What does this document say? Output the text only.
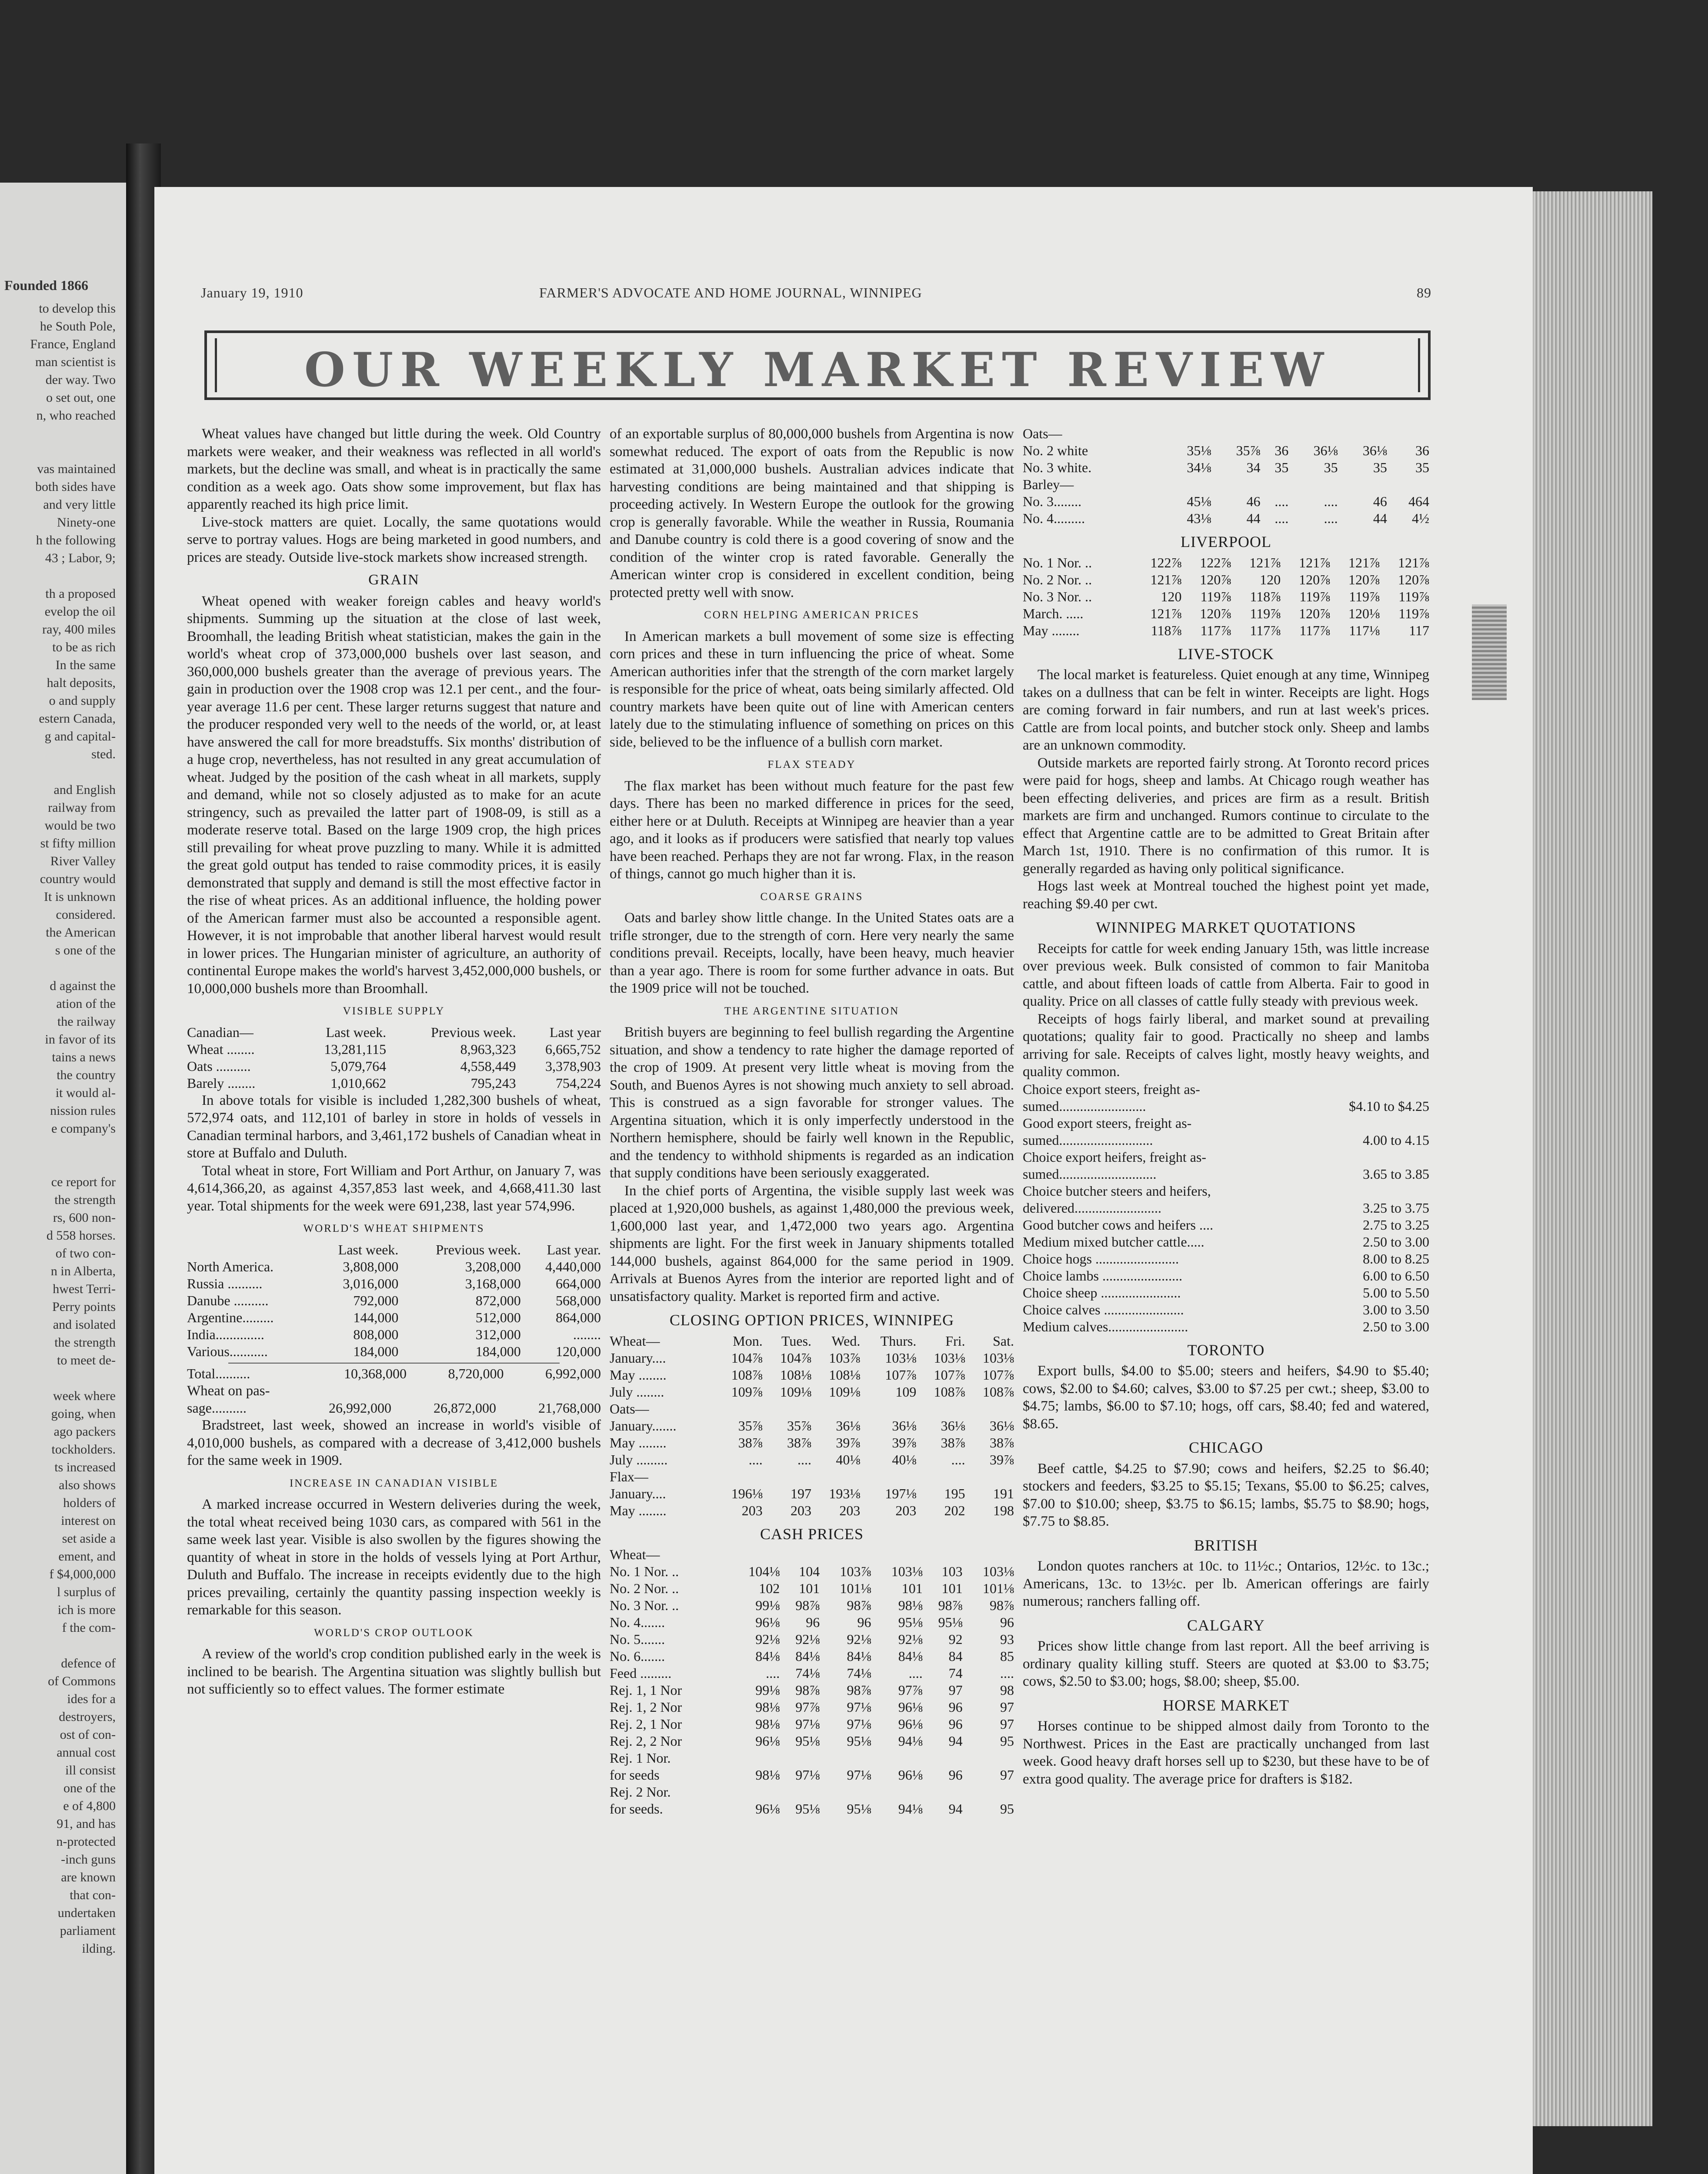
Founded 1866
to develop this
he South Pole,
France, England
man scientist is
der way. Two
o set out, one
n, who reached

vas maintained
both sides have
and very little
Ninety-one
h the following
43 ; Labor, 9;

th a proposed
evelop the oil
ray, 400 miles
to be as rich
In the same
halt deposits,
o and supply
estern Canada,
g and capital-
sted.

and English
railway from
would be two
st fifty million
River Valley
country would
It is unknown
considered.
the American
s one of the

d against the
ation of the
the railway
in favor of its
tains a news
the country
it would al-
nission rules
e company's

ce report for
the strength
rs, 600 non-
d 558 horses.
of two con-
n in Alberta,
hwest Terri-
Perry points
and isolated
the strength
to meet de-

week where
going, when
ago packers
tockholders.
ts increased
also shows
holders of
interest on
set aside a
ement, and
f $4,000,000
l surplus of
ich is more
f the com-

defence of
of Commons
ides for a
destroyers,
ost of con-
annual cost
ill consist
one of the
e of 4,800
91, and has
n-protected
-inch guns
are known
that con-
undertaken
parliament
ilding.
January 19, 1910	FARMER'S ADVOCATE AND HOME JOURNAL, WINNIPEG	89
OUR WEEKLY MARKET REVIEW

Wheat values have changed but little during the week. Old Country markets were weaker, and their weakness was reflected in all world's markets, but the decline was small, and wheat is in practically the same condition as a week ago. Oats show some improvement, but flax has apparently reached its high price limit.

Live-stock matters are quiet. Locally, the same quotations would serve to portray values. Hogs are being marketed in good numbers, and prices are steady. Outside live-stock markets show increased strength.

GRAIN

Wheat opened with weaker foreign cables and heavy world's shipments. Summing up the situation at the close of last week, Broomhall, the leading British wheat statistician, makes the gain in the world's wheat crop of 373,000,000 bushels over last season, and 360,000,000 bushels greater than the average of previous years. The gain in production over the 1908 crop was 12.1 per cent., and the four-year average 11.6 per cent. These larger returns suggest that nature and the producer responded very well to the needs of the world, or, at least have answered the call for more breadstuffs. Six months' distribution of a huge crop, nevertheless, has not resulted in any great accumulation of wheat. Judged by the position of the cash wheat in all markets, supply and demand, while not so closely adjusted as to make for an acute stringency, such as prevailed the latter part of 1908-09, is still as a moderate reserve total. Based on the large 1909 crop, the high prices still prevailing for wheat prove puzzling to many. While it is admitted the great gold output has tended to raise commodity prices, it is easily demonstrated that supply and demand is still the most effective factor in the rise of wheat prices. As an additional influence, the holding power of the American farmer must also be accounted a responsible agent. However, it is not improbable that another liberal harvest would result in lower prices. The Hungarian minister of agriculture, an authority of continental Europe makes the world's harvest 3,452,000,000 bushels, or 10,000,000 bushels more than Broomhall.

VISIBLE SUPPLY
Canadian—	Last week.	Previous week.	Last year
Wheat ........	13,281,115	8,963,323	6,665,752
Oats ..........	5,079,764	4,558,449	3,378,903
Barely ........	1,010,662	795,243	754,224

In above totals for visible is included 1,282,300 bushels of wheat, 572,974 oats, and 112,101 of barley in store in holds of vessels in Canadian terminal harbors, and 3,461,172 bushels of Canadian wheat in store at Buffalo and Duluth.

Total wheat in store, Fort William and Port Arthur, on January 7, was 4,614,366,20, as against 4,357,853 last week, and 4,668,411.30 last year. Total shipments for the week were 691,238, last year 574,996.

WORLD'S WHEAT SHIPMENTS
	Last week.	Previous week.	Last year.
North America.	3,808,000	3,208,000	4,440,000
Russia ..........	3,016,000	3,168,000	664,000
Danube ..........	792,000	872,000	568,000
Argentine.........	144,000	512,000	864,000
India..............	808,000	312,000	........
Various...........	184,000	184,000	120,000
Total..........	10,368,000	8,720,000	6,992,000
Wheat on pas-
sage..........	26,992,000	26,872,000	21,768,000

Bradstreet, last week, showed an increase in world's visible of 4,010,000 bushels, as compared with a decrease of 3,412,000 bushels for the same week in 1909.

INCREASE IN CANADIAN VISIBLE

A marked increase occurred in Western deliveries during the week, the total wheat received being 1030 cars, as compared with 561 in the same week last year. Visible is also swollen by the figures showing the quantity of wheat in store in the holds of vessels lying at Port Arthur, Duluth and Buffalo. The increase in receipts evidently due to the high prices prevailing, certainly the quantity passing inspection weekly is remarkable for this season.

WORLD'S CROP OUTLOOK

A review of the world's crop condition published early in the week is inclined to be bearish. The Argentina situation was slightly bullish but not sufficiently so to effect values. The former estimate

of an exportable surplus of 80,000,000 bushels from Argentina is now somewhat reduced. The export of oats from the Republic is now estimated at 31,000,000 bushels. Australian advices indicate that harvesting conditions are being maintained and that shipping is proceeding actively. In Western Europe the outlook for the growing crop is generally favorable. While the weather in Russia, Roumania and Danube country is cold there is a good covering of snow and the condition of the winter crop is rated favorable. Generally the American winter crop is considered in excellent condition, being protected pretty well with snow.

CORN HELPING AMERICAN PRICES

In American markets a bull movement of some size is effecting corn prices and these in turn influencing the price of wheat. Some American authorities infer that the strength of the corn market largely is responsible for the price of wheat, oats being similarly affected. Old country markets have been quite out of line with American centers lately due to the stimulating influence of something on prices on this side, believed to be the influence of a bullish corn market.

FLAX STEADY

The flax market has been without much feature for the past few days. There has been no marked difference in prices for the seed, either here or at Duluth. Receipts at Winnipeg are heavier than a year ago, and it looks as if producers were satisfied that nearly top values have been reached. Perhaps they are not far wrong. Flax, in the reason of things, cannot go much higher than it is.

COARSE GRAINS

Oats and barley show little change. In the United States oats are a trifle stronger, due to the strength of corn. Here very nearly the same conditions prevail. Receipts, locally, have been heavy, much heavier than a year ago. There is room for some further advance in oats. But the 1909 price will not be touched.

THE ARGENTINE SITUATION

British buyers are beginning to feel bullish regarding the Argentine situation, and show a tendency to rate higher the damage reported of the crop of 1909. At present very little wheat is moving from the South, and Buenos Ayres is not showing much anxiety to sell abroad. This is construed as a sign favorable for stronger values. The Argentina situation, which it is only imperfectly understood in the Northern hemisphere, should be fairly well known in the Republic, and the tendency to withhold shipments is regarded as an indication that supply conditions have been seriously exaggerated.

In the chief ports of Argentina, the visible supply last week was placed at 1,920,000 bushels, as against 1,480,000 the previous week, 1,600,000 last year, and 1,472,000 two years ago. Argentina shipments are light. For the first week in January shipments totalled 144,000 bushels, against 864,000 for the same period in 1909. Arrivals at Buenos Ayres from the interior are reported light and of unsatisfactory quality. Market is reported firm and active.

CLOSING OPTION PRICES, WINNIPEG
Wheat—	Mon.	Tues.	Wed.	Thurs.	Fri.	Sat.
January....	104⅞	104⅞	103⅞	103⅛	103⅛	103⅛
May ........	108⅞	108⅛	108⅛	107⅞	107⅞	107⅞
July ........	109⅞	109⅛	109⅛	109	108⅞	108⅞
Oats—						
January.......	35⅞	35⅞	36⅛	36⅛	36⅛	36⅛
May ........	38⅞	38⅞	39⅞	39⅞	38⅞	38⅞
July .........	....	....	40⅛	40⅛	....	39⅞
Flax—						
January....	196⅛	197	193⅛	197⅛	195	191
May ........	203	203	203	203	202	198
CASH PRICES
Wheat—						
No. 1 Nor. ..	104⅛	104	103⅞	103⅛	103	103⅛
No. 2 Nor. ..	102	101	101⅛	101	101	101⅛
No. 3 Nor. ..	99⅛	98⅞	98⅞	98⅛	98⅞	98⅞
No. 4.......	96⅛	96	96	95⅛	95⅛	96
No. 5.......	92⅛	92⅛	92⅛	92⅛	92	93
No. 6.......	84⅛	84⅛	84⅛	84⅛	84	85
Feed .........	....	74⅛	74⅛	....	74	....
Rej. 1, 1 Nor	99⅛	98⅞	98⅞	97⅞	97	98
Rej. 1, 2 Nor	98⅛	97⅞	97⅛	96⅛	96	97
Rej. 2, 1 Nor	98⅛	97⅛	97⅛	96⅛	96	97
Rej. 2, 2 Nor	96⅛	95⅛	95⅛	94⅛	94	95
Rej. 1 Nor.						
for seeds	98⅛	97⅛	97⅛	96⅛	96	97
Rej. 2 Nor.						
for seeds.	96⅛	95⅛	95⅛	94⅛	94	95
Oats—						
No. 2 white	35⅛	35⅞	36	36⅛	36⅛	36
No. 3 white.	34⅛	34	35	35	35	35
Barley—						
No. 3........	45⅛	46	....	....	46	464
No. 4.........	43⅛	44	....	....	44	4½
LIVERPOOL
No. 1 Nor. ..	122⅞	122⅞	121⅞	121⅞	121⅞	121⅞
No. 2 Nor. ..	121⅞	120⅞	120	120⅞	120⅞	120⅞
No. 3 Nor. ..	120	119⅞	118⅞	119⅞	119⅞	119⅞
March. .....	121⅞	120⅞	119⅞	120⅞	120⅛	119⅞
May ........	118⅞	117⅞	117⅞	117⅞	117⅛	117
LIVE-STOCK

The local market is featureless. Quiet enough at any time, Winnipeg takes on a dullness that can be felt in winter. Receipts are light. Hogs are coming forward in fair numbers, and run at last week's prices. Cattle are from local points, and butcher stock only. Sheep and lambs are an unknown commodity.

Outside markets are reported fairly strong. At Toronto record prices were paid for hogs, sheep and lambs. At Chicago rough weather has been effecting deliveries, and prices are firm as a result. British markets are firm and unchanged. Rumors continue to circulate to the effect that Argentine cattle are to be admitted to Great Britain after March 1st, 1910. There is no confirmation of this rumor. It is generally regarded as having only political significance.

Hogs last week at Montreal touched the highest point yet made, reaching $9.40 per cwt.

WINNIPEG MARKET QUOTATIONS

Receipts for cattle for week ending January 15th, was little increase over previous week. Bulk consisted of common to fair Manitoba cattle, and about fifteen loads of cattle from Alberta. Fair to good in quality. Price on all classes of cattle fully steady with previous week.

Receipts of hogs fairly liberal, and market sound at prevailing quotations; quality fair to good. Practically no sheep and lambs arriving for sale. Receipts of calves light, mostly heavy weights, and quality common.

Choice export steers, freight as-	
sumed.........................	$4.10 to $4.25
Good export steers, freight as-	
sumed...........................	4.00 to 4.15
Choice export heifers, freight as-	
sumed............................	3.65 to 3.85
Choice butcher steers and heifers,	
delivered.........................	3.25 to 3.75
Good butcher cows and heifers ....	2.75 to 3.25
Medium mixed butcher cattle.....	2.50 to 3.00
Choice hogs ........................	8.00 to 8.25
Choice lambs .......................	6.00 to 6.50
Choice sheep .......................	5.00 to 5.50
Choice calves .......................	3.00 to 3.50
Medium calves.......................	2.50 to 3.00
TORONTO

Export bulls, $4.00 to $5.00; steers and heifers, $4.90 to $5.40; cows, $2.00 to $4.60; calves, $3.00 to $7.25 per cwt.; sheep, $3.00 to $4.75; lambs, $6.00 to $7.10; hogs, off cars, $8.40; fed and watered, $8.65.

CHICAGO

Beef cattle, $4.25 to $7.90; cows and heifers, $2.25 to $6.40; stockers and feeders, $3.25 to $5.15; Texans, $5.00 to $6.25; calves, $7.00 to $10.00; sheep, $3.75 to $6.15; lambs, $5.75 to $8.90; hogs, $7.75 to $8.85.

BRITISH

London quotes ranchers at 10c. to 11½c.; Ontarios, 12½c. to 13c.; Americans, 13c. to 13½c. per lb. American offerings are fairly numerous; ranchers falling off.

CALGARY

Prices show little change from last report. All the beef arriving is ordinary quality killing stuff. Steers are quoted at $3.00 to $3.75; cows, $2.50 to $3.00; hogs, $8.00; sheep, $5.00.

HORSE MARKET

Horses continue to be shipped almost daily from Toronto to the Northwest. Prices in the East are practically unchanged from last week. Good heavy draft horses sell up to $230, but these have to be of extra good quality. The average price for drafters is $182.
